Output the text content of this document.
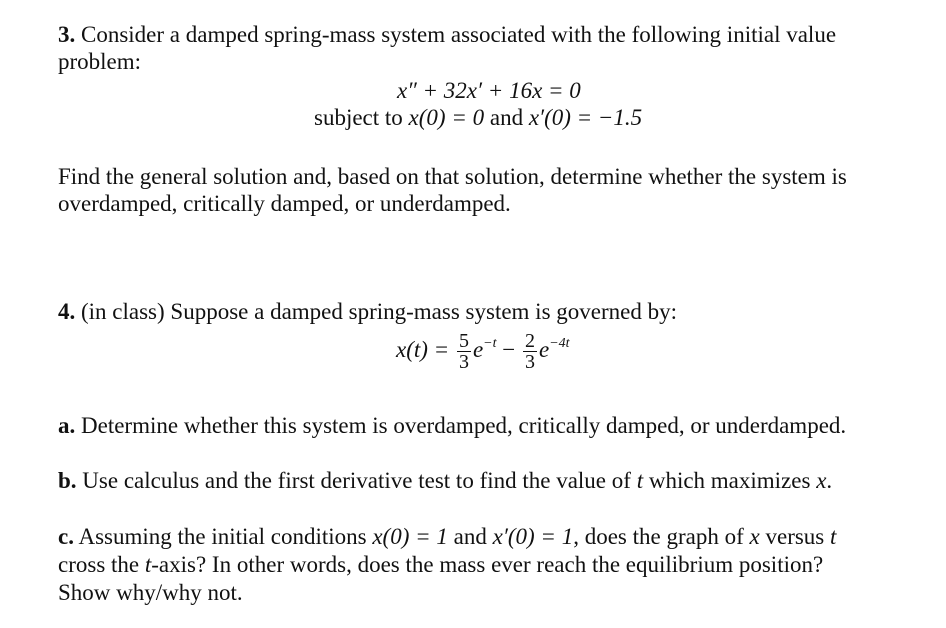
3. Consider a damped spring-mass system associated with the following initial value
problem:
x″ + 32x′ + 16x = 0
subject to x(0) = 0 and x′(0) = −1.5
Find the general solution and, based on that solution, determine whether the system is
overdamped, critically damped, or underdamped.
4. (in class) Suppose a damped spring-mass system is governed by:
$x(t) = \frac{5}{3} e^{-t} - \frac{2}{3} e^{-4t}$
a. Determine whether this system is overdamped, critically damped, or underdamped.
b. Use calculus and the first derivative test to find the value of t which maximizes x.
c. Assuming the initial conditions x(0) = 1 and x′(0) = 1, does the graph of x versus t
cross the t-axis? In other words, does the mass ever reach the equilibrium position?
Show why/why not.
